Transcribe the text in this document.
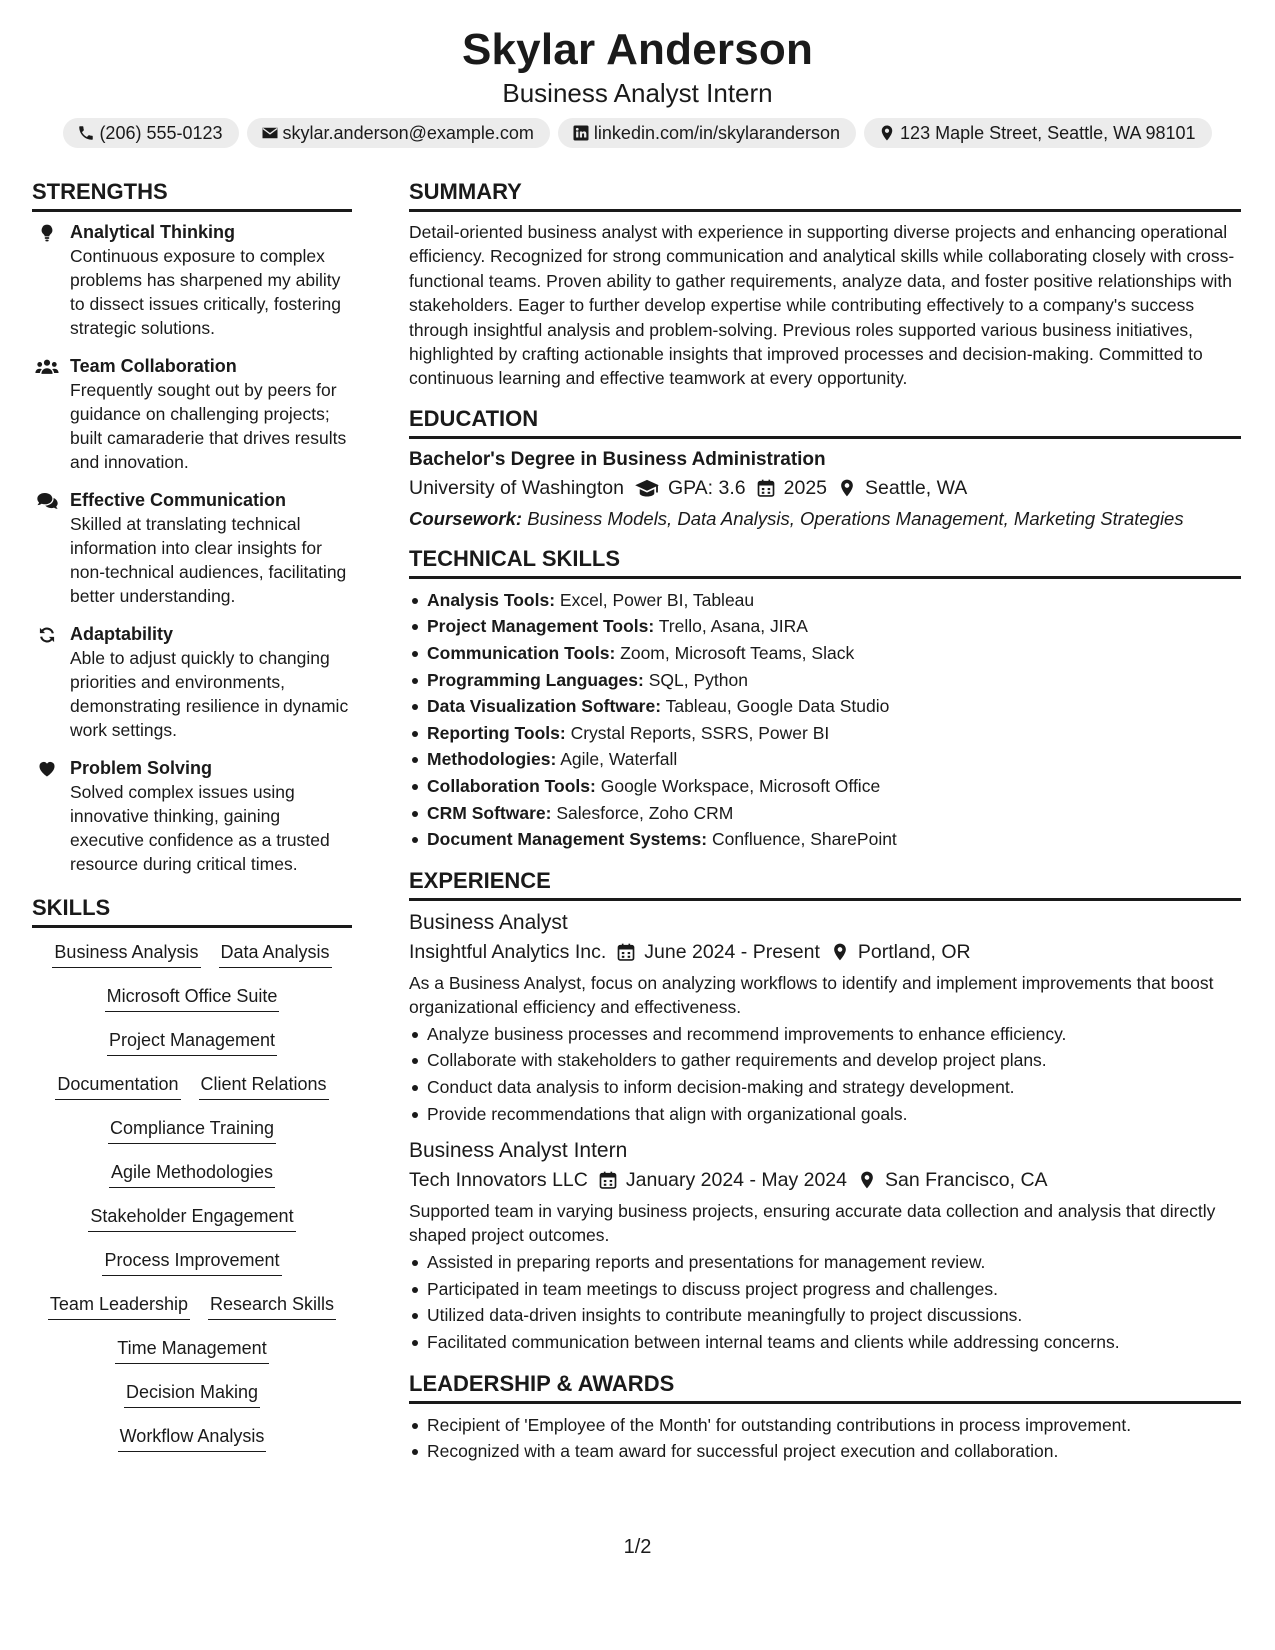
Skylar Anderson
Business Analyst Intern
(206) 555-0123	skylar.anderson@example.com	linkedin.com/in/skylaranderson	123 Maple Street, Seattle, WA 98101
STRENGTHS
Analytical Thinking
Continuous exposure to complex problems has sharpened my ability to dissect issues critically, fostering strategic solutions.
Team Collaboration
Frequently sought out by peers for guidance on challenging projects; built camaraderie that drives results and innovation.
Effective Communication
Skilled at translating technical information into clear insights for non-technical audiences, facilitating better understanding.
Adaptability
Able to adjust quickly to changing priorities and environments, demonstrating resilience in dynamic work settings.
Problem Solving
Solved complex issues using innovative thinking, gaining executive confidence as a trusted resource during critical times.
SKILLS
Business Analysis Data Analysis
Microsoft Office Suite
Project Management
Documentation Client Relations
Compliance Training
Agile Methodologies
Stakeholder Engagement
Process Improvement
Team Leadership Research Skills
Time Management
Decision Making
Workflow Analysis
SUMMARY
Detail-oriented business analyst with experience in supporting diverse projects and enhancing operational efficiency. Recognized for strong communication and analytical skills while collaborating closely with cross-functional teams. Proven ability to gather requirements, analyze data, and foster positive relationships with stakeholders. Eager to further develop expertise while contributing effectively to a company's success through insightful analysis and problem-solving. Previous roles supported various business initiatives, highlighted by crafting actionable insights that improved processes and decision-making. Committed to continuous learning and effective teamwork at every opportunity.
EDUCATION
Bachelor's Degree in Business Administration
University of Washington GPA: 3.6 2025 Seattle, WA
Coursework: Business Models, Data Analysis, Operations Management, Marketing Strategies
TECHNICAL SKILLS
Analysis Tools: Excel, Power BI, Tableau
Project Management Tools: Trello, Asana, JIRA
Communication Tools: Zoom, Microsoft Teams, Slack
Programming Languages: SQL, Python
Data Visualization Software: Tableau, Google Data Studio
Reporting Tools: Crystal Reports, SSRS, Power BI
Methodologies: Agile, Waterfall
Collaboration Tools: Google Workspace, Microsoft Office
CRM Software: Salesforce, Zoho CRM
Document Management Systems: Confluence, SharePoint
EXPERIENCE
Business Analyst
Insightful Analytics Inc. June 2024 - Present Portland, OR
As a Business Analyst, focus on analyzing workflows to identify and implement improvements that boost organizational efficiency and effectiveness.
Analyze business processes and recommend improvements to enhance efficiency.
Collaborate with stakeholders to gather requirements and develop project plans.
Conduct data analysis to inform decision-making and strategy development.
Provide recommendations that align with organizational goals.
Business Analyst Intern
Tech Innovators LLC January 2024 - May 2024 San Francisco, CA
Supported team in varying business projects, ensuring accurate data collection and analysis that directly shaped project outcomes.
Assisted in preparing reports and presentations for management review.
Participated in team meetings to discuss project progress and challenges.
Utilized data-driven insights to contribute meaningfully to project discussions.
Facilitated communication between internal teams and clients while addressing concerns.
LEADERSHIP & AWARDS
Recipient of 'Employee of the Month' for outstanding contributions in process improvement.
Recognized with a team award for successful project execution and collaboration.
1/2
